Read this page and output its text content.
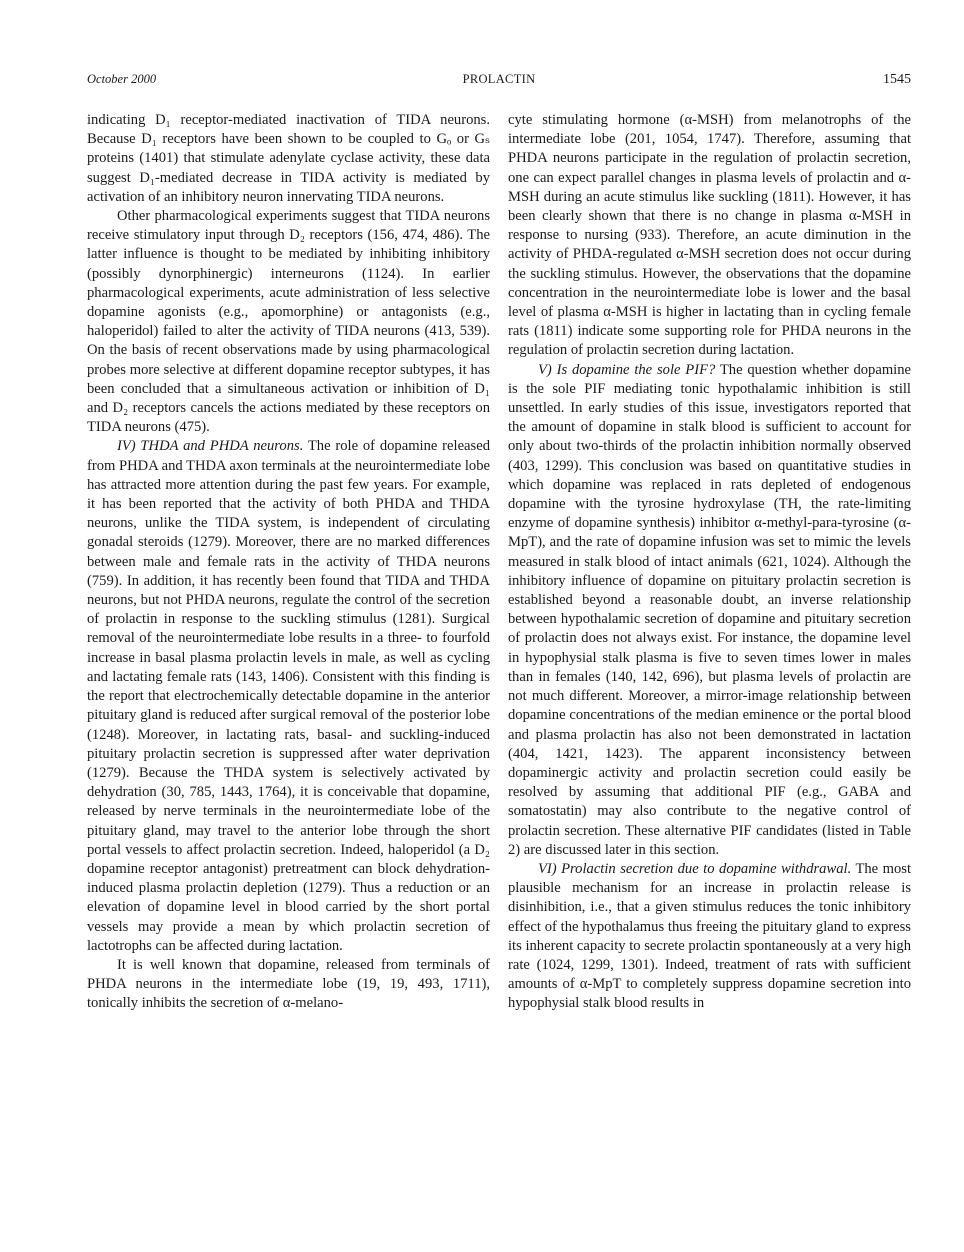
October 2000	PROLACTIN	1545

indicating D₁ receptor-mediated inactivation of TIDA neurons. Because D₁ receptors have been shown to be coupled to Gₒ or Gₛ proteins (1401) that stimulate adenylate cyclase activity, these data suggest D₁-mediated decrease in TIDA activity is mediated by activation of an inhibitory neuron innervating TIDA neurons.

Other pharmacological experiments suggest that TIDA neurons receive stimulatory input through D₂ receptors (156, 474, 486). The latter influence is thought to be mediated by inhibiting inhibitory (possibly dynorphinergic) interneurons (1124). In earlier pharmacological experiments, acute administration of less selective dopamine agonists (e.g., apomorphine) or antagonists (e.g., haloperidol) failed to alter the activity of TIDA neurons (413, 539). On the basis of recent observations made by using pharmacological probes more selective at different dopamine receptor subtypes, it has been concluded that a simultaneous activation or inhibition of D₁ and D₂ receptors cancels the actions mediated by these receptors on TIDA neurons (475).

IV) THDA and PHDA neurons. The role of dopamine released from PHDA and THDA axon terminals at the neurointermediate lobe has attracted more attention during the past few years. For example, it has been reported that the activity of both PHDA and THDA neurons, unlike the TIDA system, is independent of circulating gonadal steroids (1279). Moreover, there are no marked differences between male and female rats in the activity of THDA neurons (759). In addition, it has recently been found that TIDA and THDA neurons, but not PHDA neurons, regulate the control of the secretion of prolactin in response to the suckling stimulus (1281). Surgical removal of the neurointermediate lobe results in a three- to fourfold increase in basal plasma prolactin levels in male, as well as cycling and lactating female rats (143, 1406). Consistent with this finding is the report that electrochemically detectable dopamine in the anterior pituitary gland is reduced after surgical removal of the posterior lobe (1248). Moreover, in lactating rats, basal- and suckling-induced pituitary prolactin secretion is suppressed after water deprivation (1279). Because the THDA system is selectively activated by dehydration (30, 785, 1443, 1764), it is conceivable that dopamine, released by nerve terminals in the neurointermediate lobe of the pituitary gland, may travel to the anterior lobe through the short portal vessels to affect prolactin secretion. Indeed, haloperidol (a D₂ dopamine receptor antagonist) pretreatment can block dehydration-induced plasma prolactin depletion (1279). Thus a reduction or an elevation of dopamine level in blood carried by the short portal vessels may provide a mean by which prolactin secretion of lactotrophs can be affected during lactation.

It is well known that dopamine, released from terminals of PHDA neurons in the intermediate lobe (19, 19, 493, 1711), tonically inhibits the secretion of α-melano-

cyte stimulating hormone (α-MSH) from melanotrophs of the intermediate lobe (201, 1054, 1747). Therefore, assuming that PHDA neurons participate in the regulation of prolactin secretion, one can expect parallel changes in plasma levels of prolactin and α-MSH during an acute stimulus like suckling (1811). However, it has been clearly shown that there is no change in plasma α-MSH in response to nursing (933). Therefore, an acute diminution in the activity of PHDA-regulated α-MSH secretion does not occur during the suckling stimulus. However, the observations that the dopamine concentration in the neurointermediate lobe is lower and the basal level of plasma α-MSH is higher in lactating than in cycling female rats (1811) indicate some supporting role for PHDA neurons in the regulation of prolactin secretion during lactation.

V) Is dopamine the sole PIF? The question whether dopamine is the sole PIF mediating tonic hypothalamic inhibition is still unsettled. In early studies of this issue, investigators reported that the amount of dopamine in stalk blood is sufficient to account for only about two-thirds of the prolactin inhibition normally observed (403, 1299). This conclusion was based on quantitative studies in which dopamine was replaced in rats depleted of endogenous dopamine with the tyrosine hydroxylase (TH, the rate-limiting enzyme of dopamine synthesis) inhibitor α-methyl-para-tyrosine (α-MpT), and the rate of dopamine infusion was set to mimic the levels measured in stalk blood of intact animals (621, 1024). Although the inhibitory influence of dopamine on pituitary prolactin secretion is established beyond a reasonable doubt, an inverse relationship between hypothalamic secretion of dopamine and pituitary secretion of prolactin does not always exist. For instance, the dopamine level in hypophysial stalk plasma is five to seven times lower in males than in females (140, 142, 696), but plasma levels of prolactin are not much different. Moreover, a mirror-image relationship between dopamine concentrations of the median eminence or the portal blood and plasma prolactin has also not been demonstrated in lactation (404, 1421, 1423). The apparent inconsistency between dopaminergic activity and prolactin secretion could easily be resolved by assuming that additional PIF (e.g., GABA and somatostatin) may also contribute to the negative control of prolactin secretion. These alternative PIF candidates (listed in Table 2) are discussed later in this section.

VI) Prolactin secretion due to dopamine withdrawal. The most plausible mechanism for an increase in prolactin release is disinhibition, i.e., that a given stimulus reduces the tonic inhibitory effect of the hypothalamus thus freeing the pituitary gland to express its inherent capacity to secrete prolactin spontaneously at a very high rate (1024, 1299, 1301). Indeed, treatment of rats with sufficient amounts of α-MpT to completely suppress dopamine secretion into hypophysial stalk blood results in
